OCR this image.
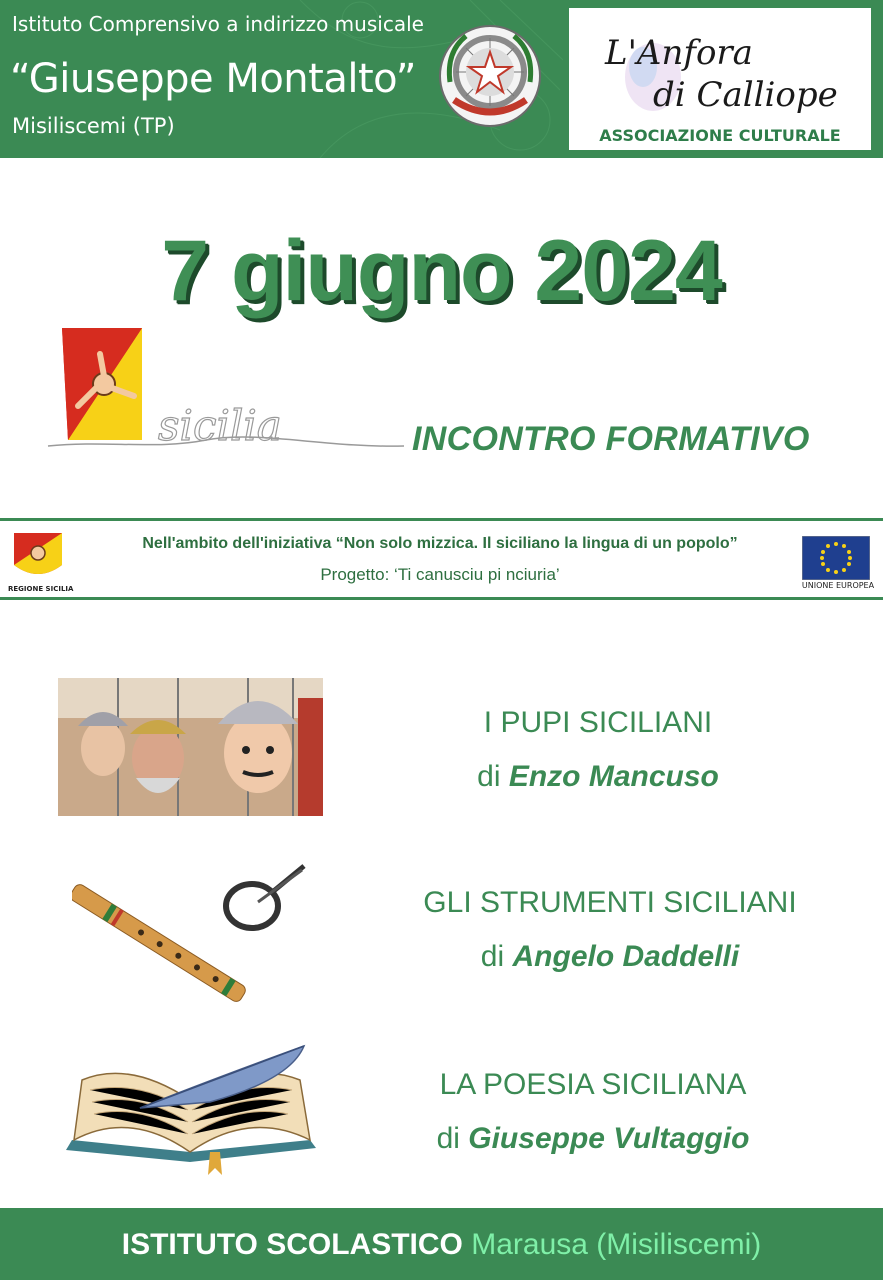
Istituto Comprensivo a indirizzo musicale
“Giuseppe Montalto”
Misiliscemi (TP)
L'Anfora
di Calliope
ASSOCIAZIONE CULTURALE
7 giugno 2024
sicilia	INCONTRO FORMATIVO
REGIONE SICILIA
Nell'ambito dell'iniziativa “Non solo mizzica. Il siciliano la lingua di un popolo”
Progetto: ‘Ti canusciu pi nciuria’
UNIONE EUROPEA
I PUPI SICILIANI
di Enzo Mancuso
GLI STRUMENTI SICILIANI
di Angelo Daddelli
LA POESIA SICILIANA
di Giuseppe Vultaggio
ISTITUTO SCOLASTICO Marausa (Misiliscemi)
